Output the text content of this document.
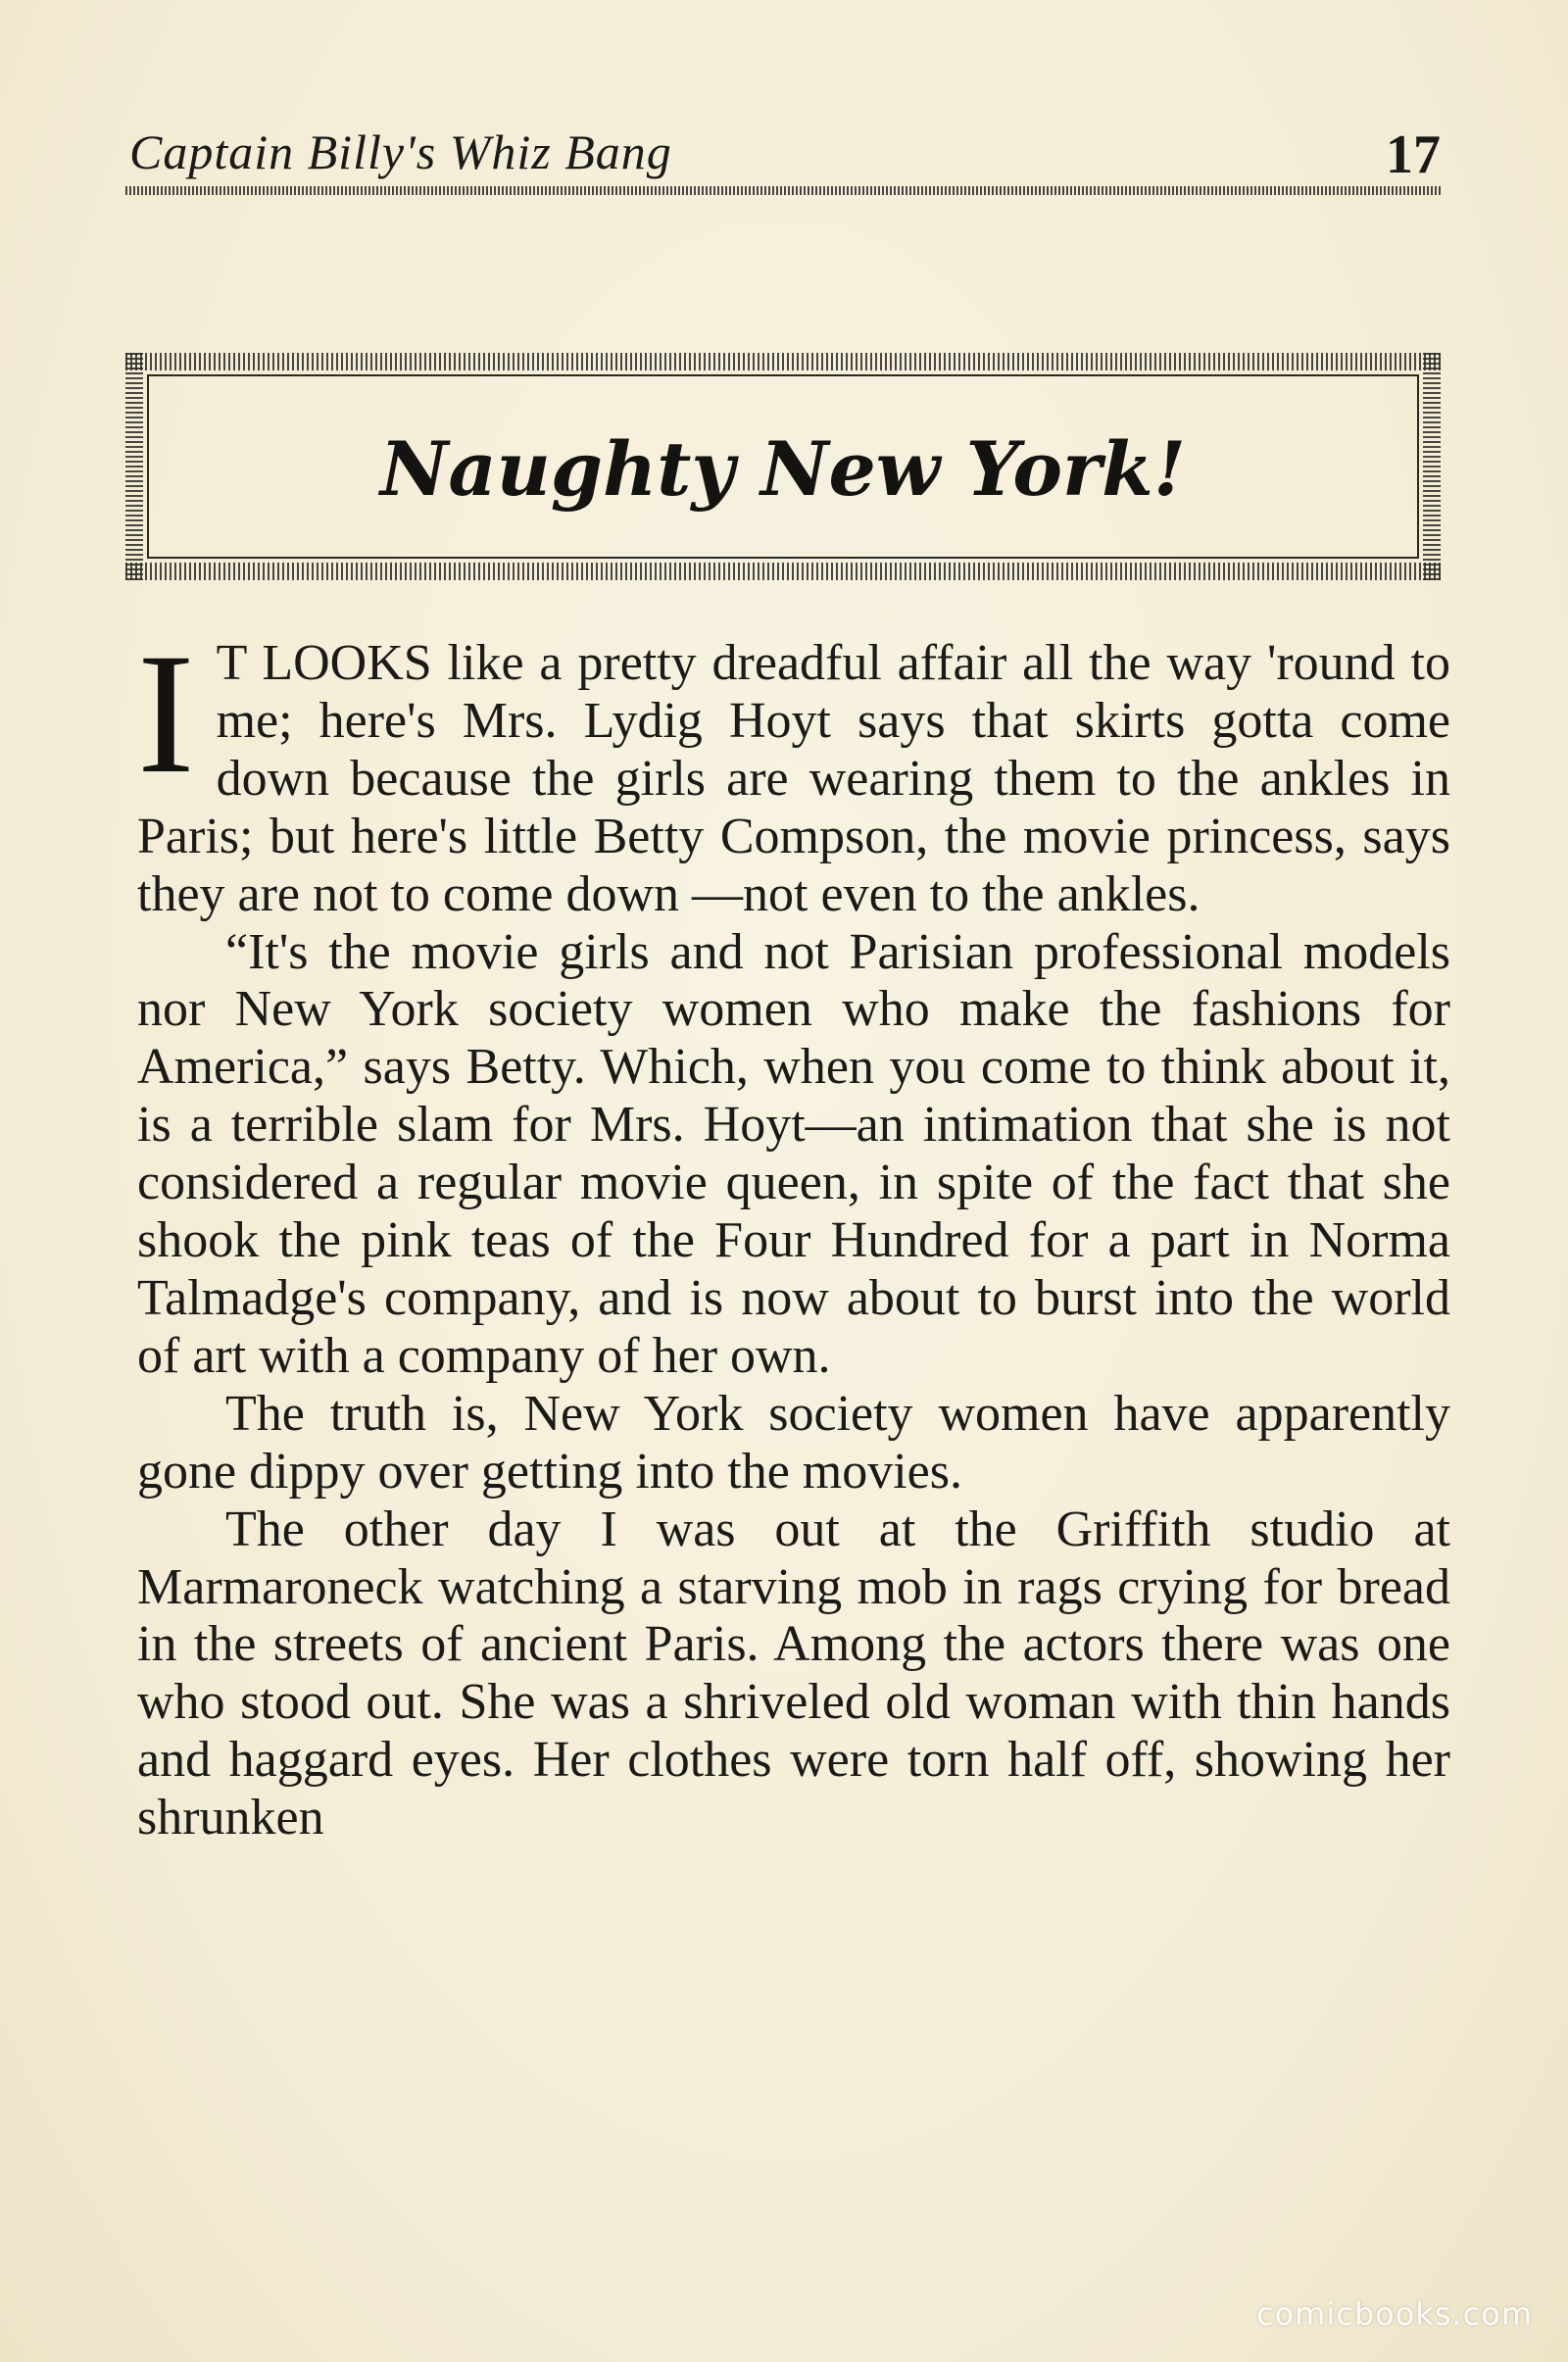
Captain Billy's Whiz Bang	17
Naughty New York!

I T LOOKS like a pretty dreadful affair all the way 'round to me; here's Mrs. Lydig Hoyt says that skirts gotta come down because the girls are wearing them to the ankles in Paris; but here's little Betty Compson, the movie princess, says they are not to come down —not even to the ankles.

“It's the movie girls and not Parisian professional models nor New York society women who make the fashions for America,” says Betty. Which, when you come to think about it, is a terrible slam for Mrs. Hoyt—an intimation that she is not considered a regular movie queen, in spite of the fact that she shook the pink teas of the Four Hundred for a part in Norma Talmadge's company, and is now about to burst into the world of art with a company of her own.

The truth is, New York society women have apparently gone dippy over getting into the movies.

The other day I was out at the Griffith studio at Marmaroneck watching a starving mob in rags crying for bread in the streets of ancient Paris. Among the actors there was one who stood out. She was a shriveled old woman with thin hands and haggard eyes. Her clothes were torn half off, showing her shrunken

comicbooks.com
